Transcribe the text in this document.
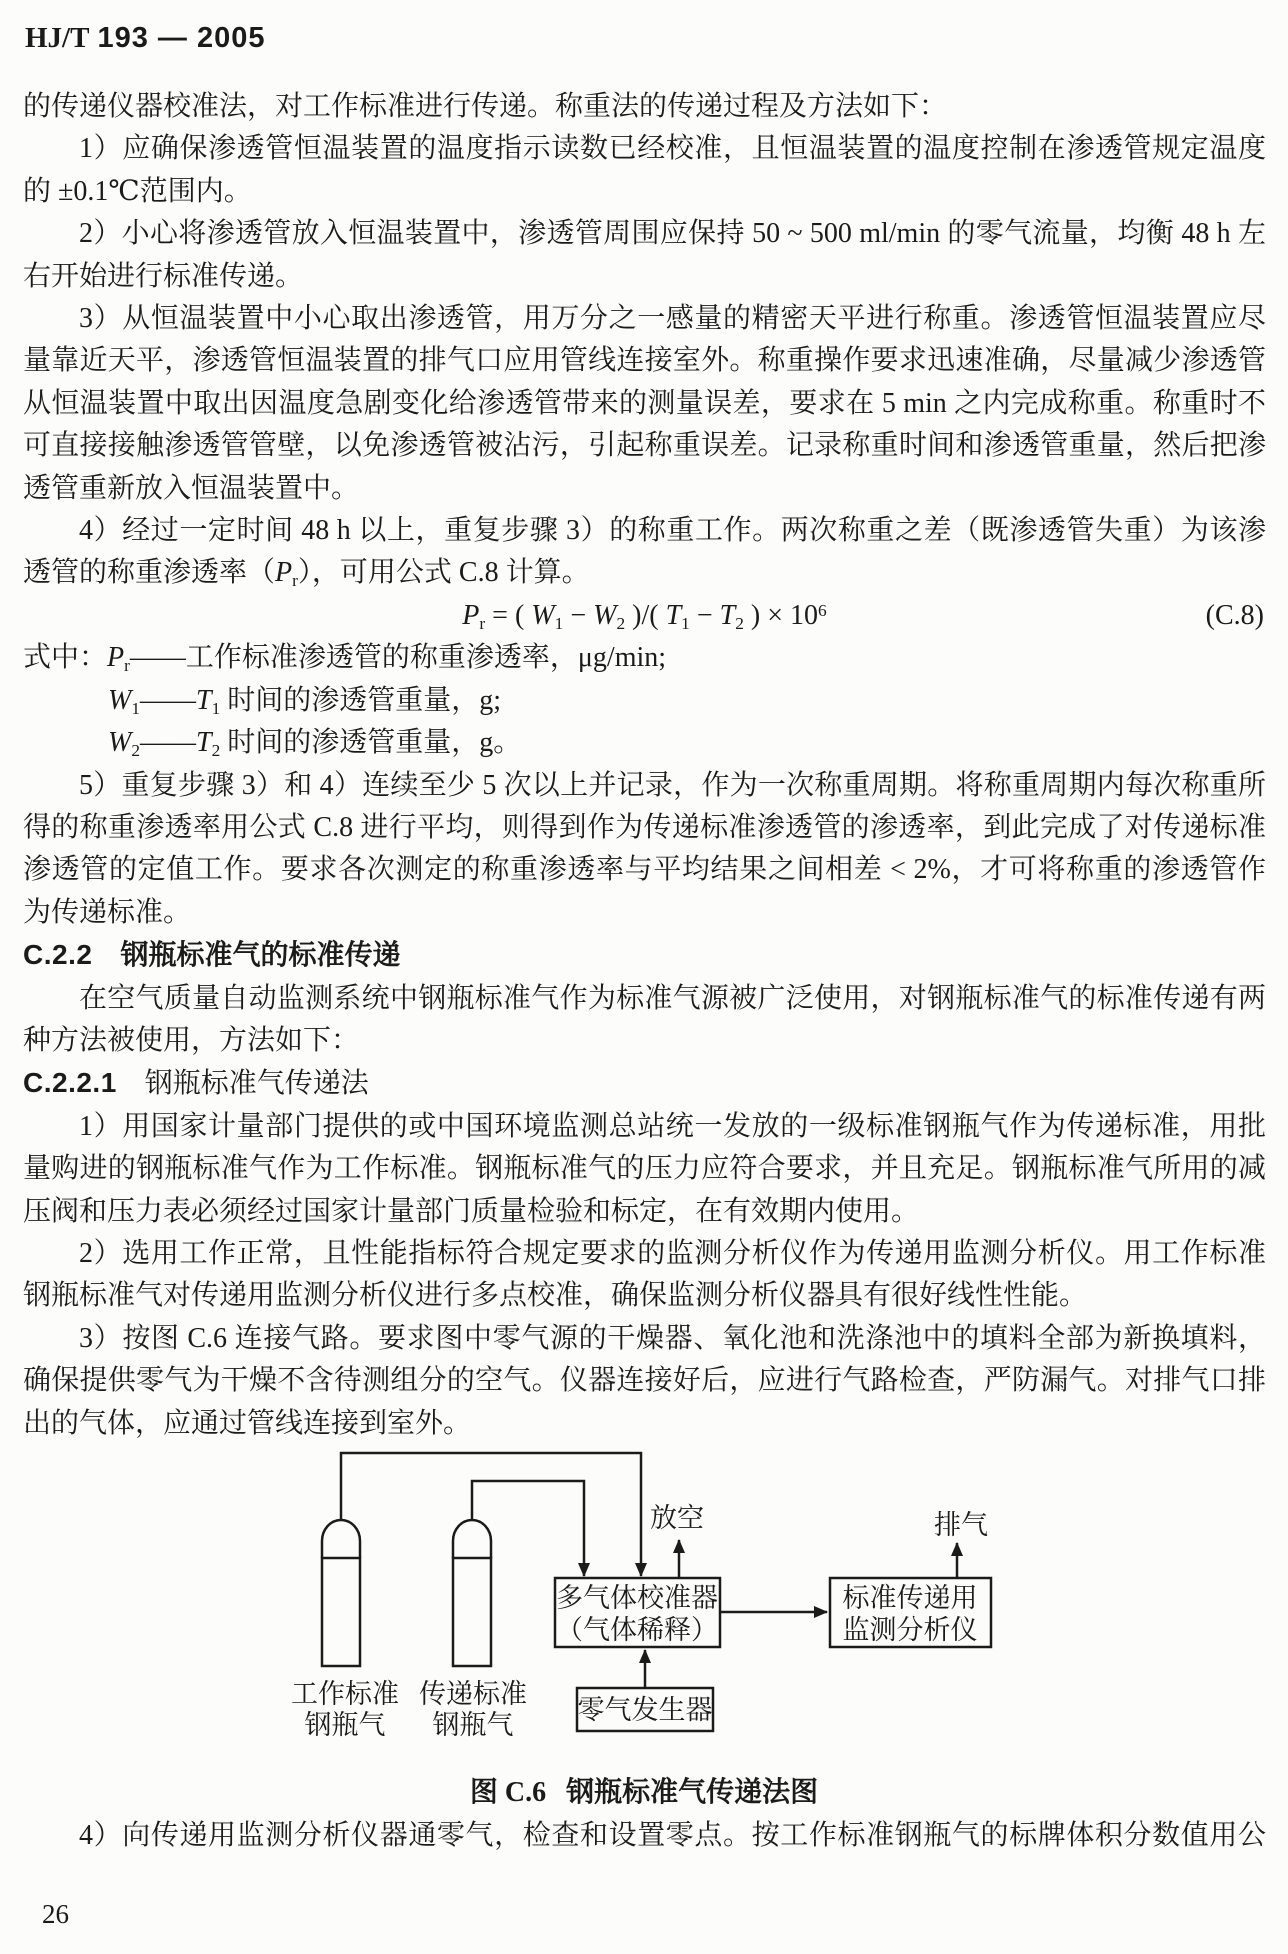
HJ/T 193 — 2005

的传递仪器校准法，对工作标准进行传递。称重法的传递过程及方法如下：

1）应确保渗透管恒温装置的温度指示读数已经校准，且恒温装置的温度控制在渗透管规定温度的 ±0.1℃范围内。

2）小心将渗透管放入恒温装置中，渗透管周围应保持 50 ~ 500 ml/min 的零气流量，均衡 48 h 左右开始进行标准传递。

3）从恒温装置中小心取出渗透管，用万分之一感量的精密天平进行称重。渗透管恒温装置应尽量靠近天平，渗透管恒温装置的排气口应用管线连接室外。称重操作要求迅速准确，尽量减少渗透管从恒温装置中取出因温度急剧变化给渗透管带来的测量误差，要求在 5 min 之内完成称重。称重时不可直接接触渗透管管壁，以免渗透管被沾污，引起称重误差。记录称重时间和渗透管重量，然后把渗透管重新放入恒温装置中。

4）经过一定时间 48 h 以上，重复步骤 3）的称重工作。两次称重之差（既渗透管失重）为该渗透管的称重渗透率$(P_r)$，可用公式 C.8 计算。

$P_r$ = ( $W_1 - W_2$ )/( $T_1 - T_2$ ) × $10^6$	(C.8)

式中：$P_r——$工作标准渗透管的称重渗透率，μg/min;

$W_1——T_1$ 时间的渗透管重量，g;

$W_2——T_2$ 时间的渗透管重量，g。

5）重复步骤 3）和 4）连续至少 5 次以上并记录，作为一次称重周期。将称重周期内每次称重所得的称重渗透率用公式 C.8 进行平均，则得到作为传递标准渗透管的渗透率，到此完成了对传递标准渗透管的定值工作。要求各次测定的称重渗透率与平均结果之间相差 < 2%，才可将称重的渗透管作为传递标准。

C.2.2 钢瓶标准气的标准传递

在空气质量自动监测系统中钢瓶标准气作为标准气源被广泛使用，对钢瓶标准气的标准传递有两种方法被使用，方法如下：

C.2.2.1 钢瓶标准气传递法

1）用国家计量部门提供的或中国环境监测总站统一发放的一级标准钢瓶气作为传递标准，用批量购进的钢瓶标准气作为工作标准。钢瓶标准气的压力应符合要求，并且充足。钢瓶标准气所用的减压阀和压力表必须经过国家计量部门质量检验和标定，在有效期内使用。

2）选用工作正常，且性能指标符合规定要求的监测分析仪作为传递用监测分析仪。用工作标准钢瓶标准气对传递用监测分析仪进行多点校准，确保监测分析仪器具有很好线性性能。

3）按图 C.6 连接气路。要求图中零气源的干燥器、氧化池和洗涤池中的填料全部为新换填料，确保提供零气为干燥不含待测组分的空气。仪器连接好后，应进行气路检查，严防漏气。对排气口排出的气体，应通过管线连接到室外。

放空	排气
多气体校准器
（气体稀释）
标准传递用
监测分析仪
零气发生器
工作标准
钢瓶气
传递标准
钢瓶气
图 C.6 钢瓶标准气传递法图

4）向传递用监测分析仪器通零气，检查和设置零点。按工作标准钢瓶气的标牌体积分数值用公

26
